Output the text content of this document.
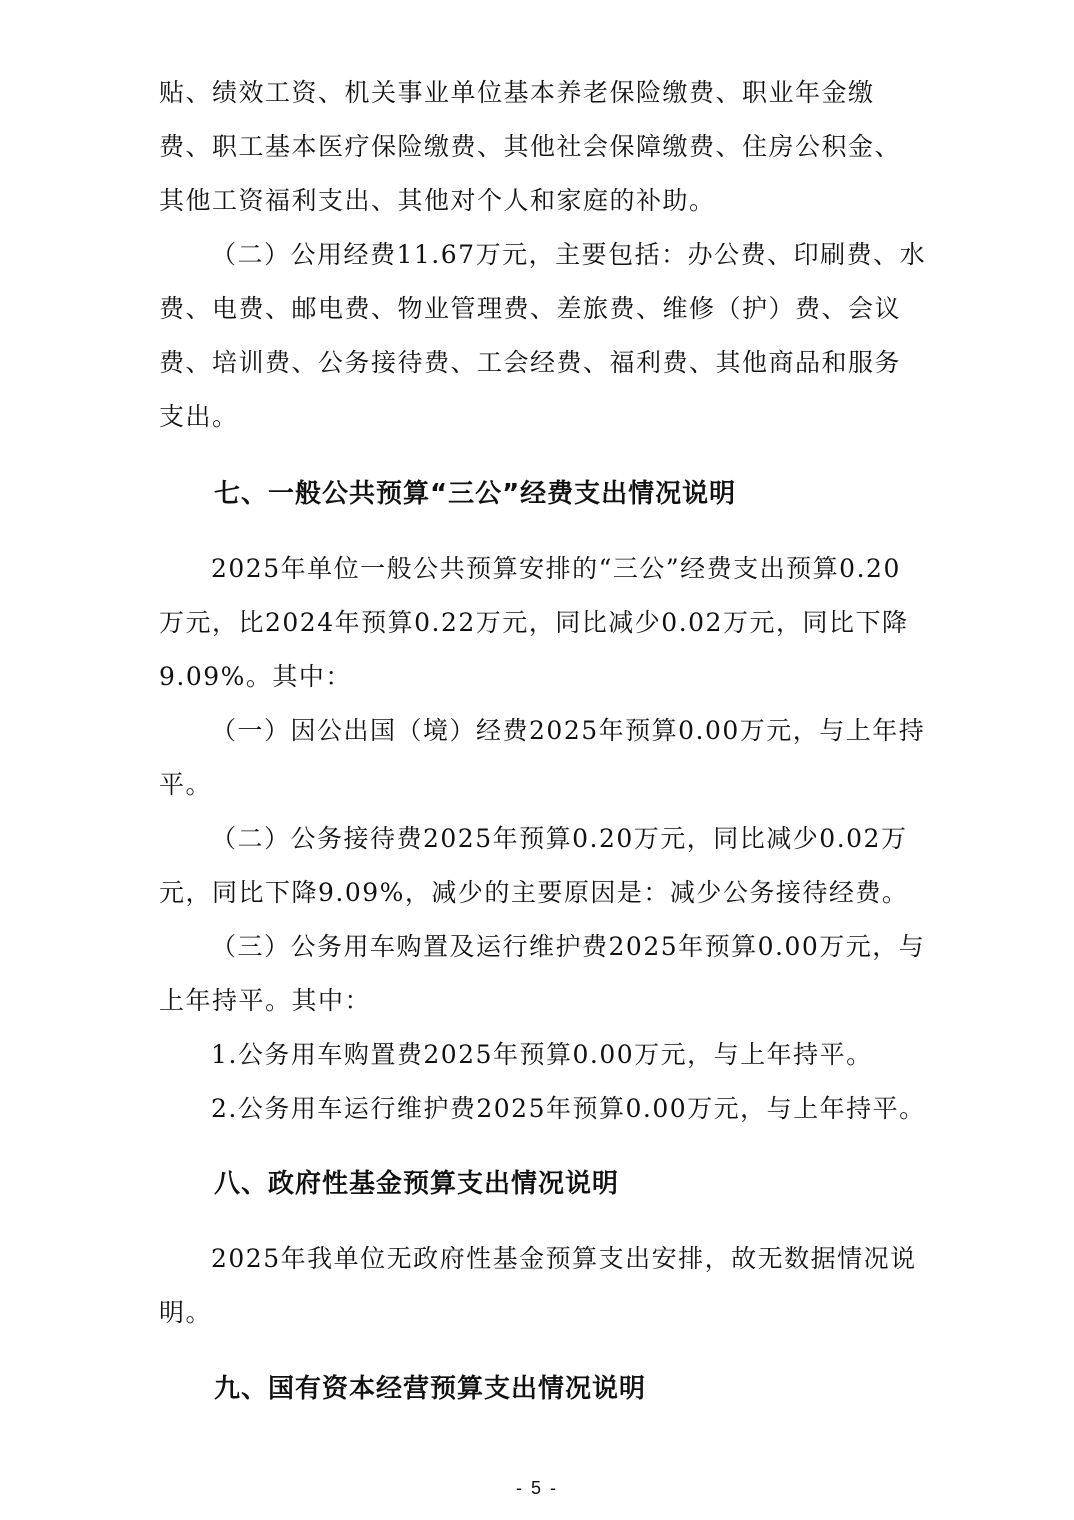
贴、绩效工资、机关事业单位基本养老保险缴费、职业年金缴
费、职工基本医疗保险缴费、其他社会保障缴费、住房公积金、
其他工资福利支出、其他对个人和家庭的补助。
（二）公用经费11.67万元，主要包括：办公费、印刷费、水
费、电费、邮电费、物业管理费、差旅费、维修（护）费、会议
费、培训费、公务接待费、工会经费、福利费、其他商品和服务
支出。
七、一般公共预算“三公”经费支出情况说明
2025年单位一般公共预算安排的“三公”经费支出预算0.20
万元，比2024年预算0.22万元，同比减少0.02万元，同比下降
9.09%。其中：
（一）因公出国（境）经费2025年预算0.00万元，与上年持
平。
（二）公务接待费2025年预算0.20万元，同比减少0.02万
元，同比下降9.09%，减少的主要原因是：减少公务接待经费。
（三）公务用车购置及运行维护费2025年预算0.00万元，与
上年持平。其中：
1.公务用车购置费2025年预算0.00万元，与上年持平。
2.公务用车运行维护费2025年预算0.00万元，与上年持平。
八、政府性基金预算支出情况说明
2025年我单位无政府性基金预算支出安排，故无数据情况说
明。
九、国有资本经营预算支出情况说明
- 5 -
